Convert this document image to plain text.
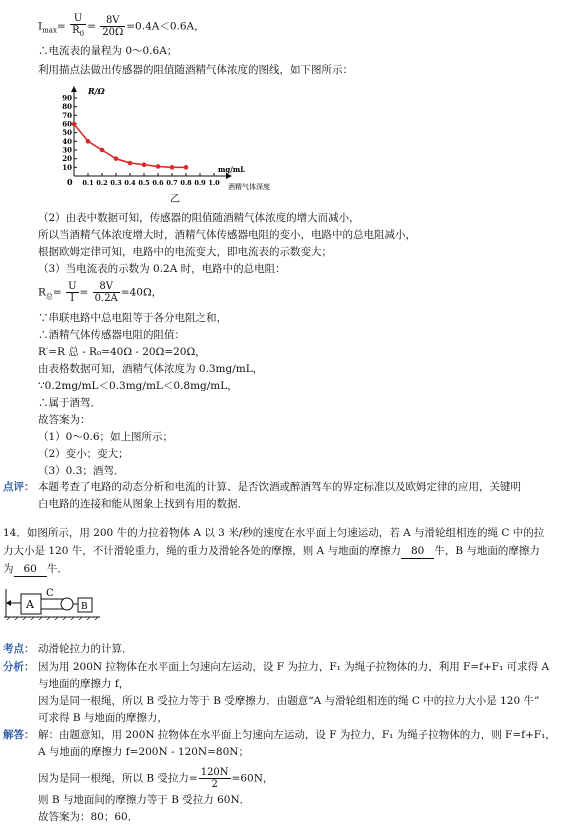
$I_{max}= \frac{U}{R_0} = \frac{8V}{20\Omega} =0.4A<0.6A$，
∴电流表的量程为 0～0.6A；
利用描点法做出传感器的阻值随酒精气体浓度的图线，如下图所示：
10
20
30
40
50
60
70
80
90
0.1 0.2 0.3 0.4 0.5 0.6 0.7 0.8 0.9 1.0
R/Ω
mg/mL
酒精气体深度
0
乙
（2）由表中数据可知，传感器的阻值随酒精气体浓度的增大而减小，
所以当酒精气体浓度增大时，酒精气体传感器电阻的变小，电路中的总电阻减小，
根据欧姆定律可知，电路中的电流变大，即电流表的示数变大；
（3）当电流表的示数为 0.2A 时，电路中的总电阻：
$R_总= \frac{U}{I} = \frac{8V}{0.2A} =40\Omega$，
∵串联电路中总电阻等于各分电阻之和，
∴酒精气体传感器电阻的阻值：
R′=R 总 - R₀=40Ω - 20Ω=20Ω，
由表格数据可知，酒精气体浓度为 0.3mg/mL，
∵0.2mg/mL＜0.3mg/mL＜0.8mg/mL，
∴属于酒驾．
故答案为：
（1）0～0.6；如上图所示；
（2）变小；变大；
（3）0.3；酒驾．
点评： 本题考查了电路的动态分析和电流的计算、是否饮酒或醉酒驾车的界定标准以及欧姆定律的应用，关键明
白电路的连接和能从图象上找到有用的数据．
14．如图所示，用 200 牛的力拉着物体 A 以 3 米/秒的速度在水平面上匀速运动，若 A 与滑轮组相连的绳 C 中的拉
力大小是 120 牛，不计滑轮重力，绳的重力及滑轮各处的摩擦，则 A 与地面的摩擦力 80 牛，B 与地面的摩擦力
为 60 牛．
A
C
B
考点： 动滑轮拉力的计算．
分析： 因为用 200N 拉物体在水平面上匀速向左运动，设 F 为拉力，F₁ 为绳子拉物体的力，利用 F=f+F₁ 可求得 A
与地面的摩擦力 f，
因为是同一根绳，所以 B 受拉力等于 B 受摩擦力．由题意“A 与滑轮组相连的绳 C 中的拉力大小是 120 牛”
可求得 B 与地面的摩擦力，
解答： 解：由题意知，用 200N 拉物体在水平面上匀速向左运动，设 F 为拉力，F₁ 为绳子拉物体的力，则 F=f+F₁，
A 与地面的摩擦力 f=200N - 120N=80N；
因为是同一根绳，所以 B 受拉力= $\frac{120N}{2} =60N$，
则 B 与地面间的摩擦力等于 B 受拉力 60N．
故答案为：80；60．
